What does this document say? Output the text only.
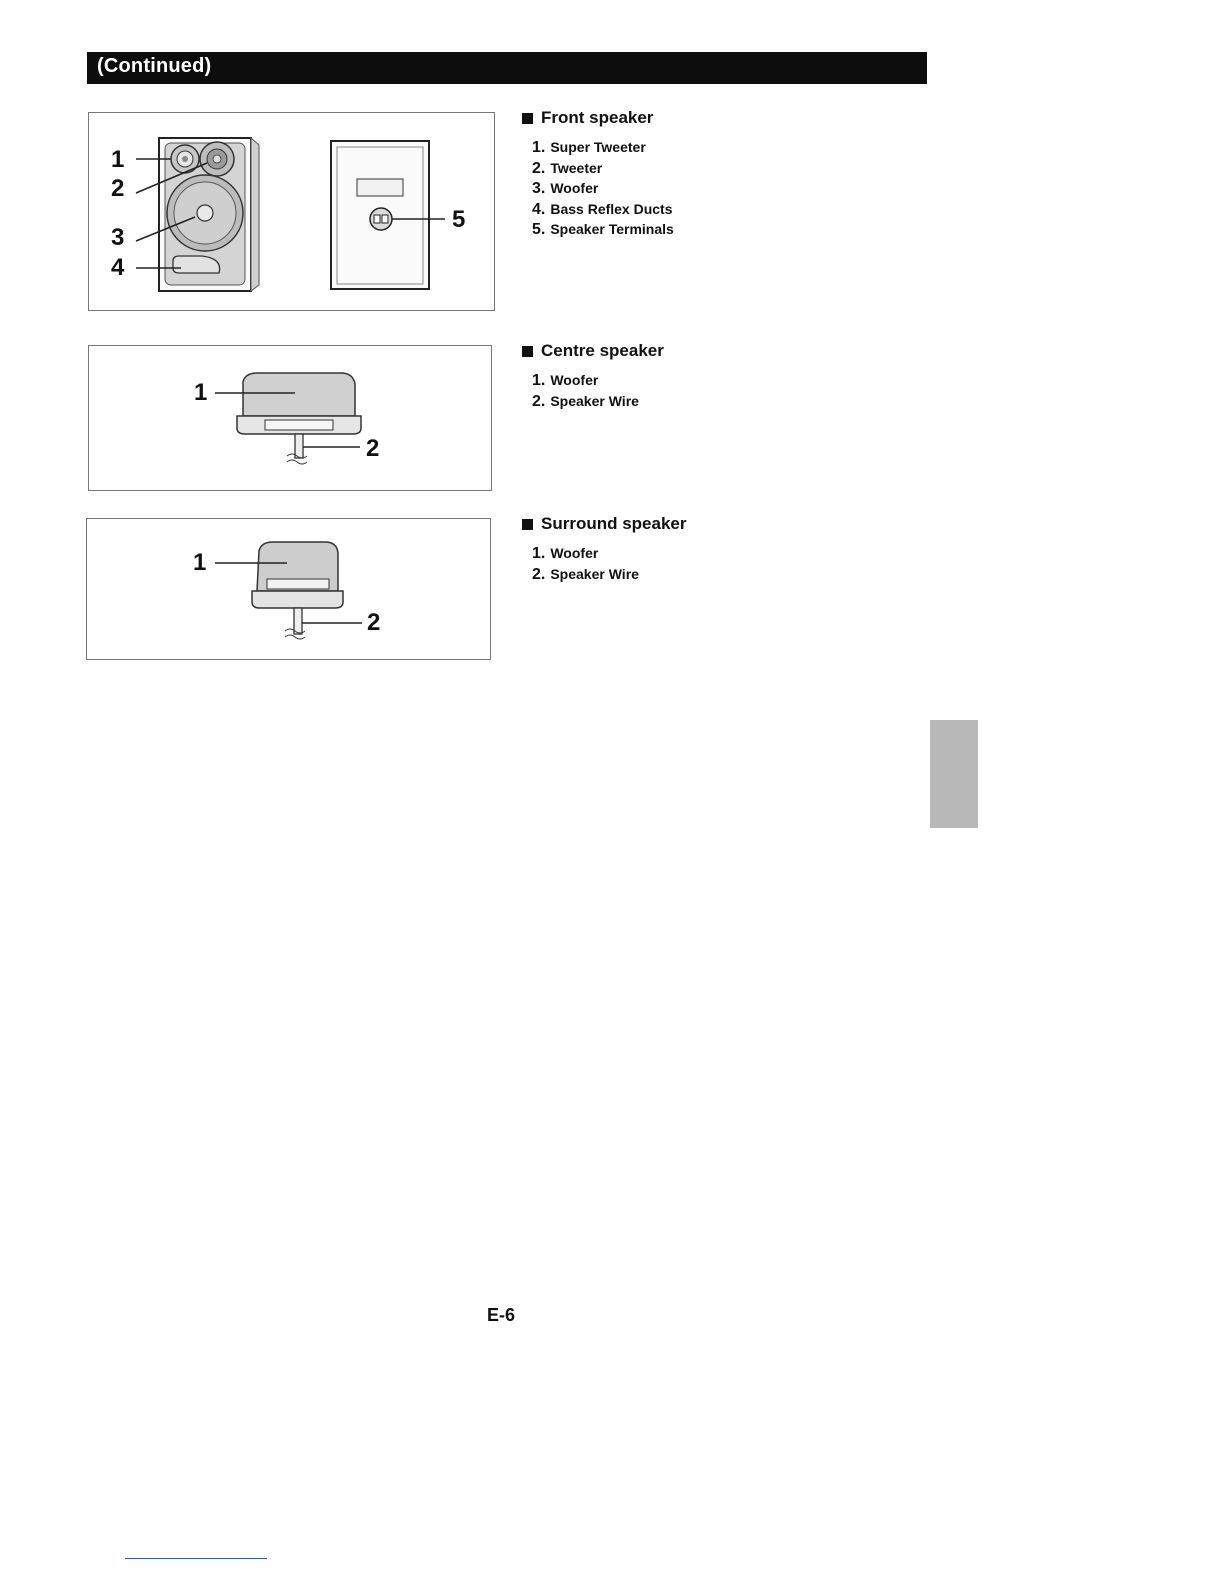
(Continued)
1
2
3
4
5
1
2
1
2
Front speaker
1. Super Tweeter
2. Tweeter
3. Woofer
4. Bass Reflex Ducts
5. Speaker Terminals
Centre speaker
1. Woofer
2. Speaker Wire
Surround speaker
1. Woofer
2. Speaker Wire
E-6
